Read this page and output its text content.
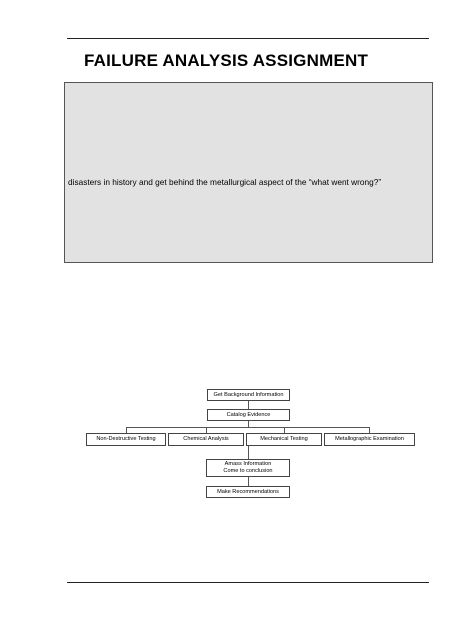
FAILURE ANALYSIS ASSIGNMENT
disasters in history and get behind the metallurgical aspect of the “what went wrong?”
Get Background Information
Catalog Evidence
Non-Destructive Testing	Chemical Analysis	Mechanical Testing	Metallographic Examination
Amass Information
Come to conclusion
Make Recommendations
